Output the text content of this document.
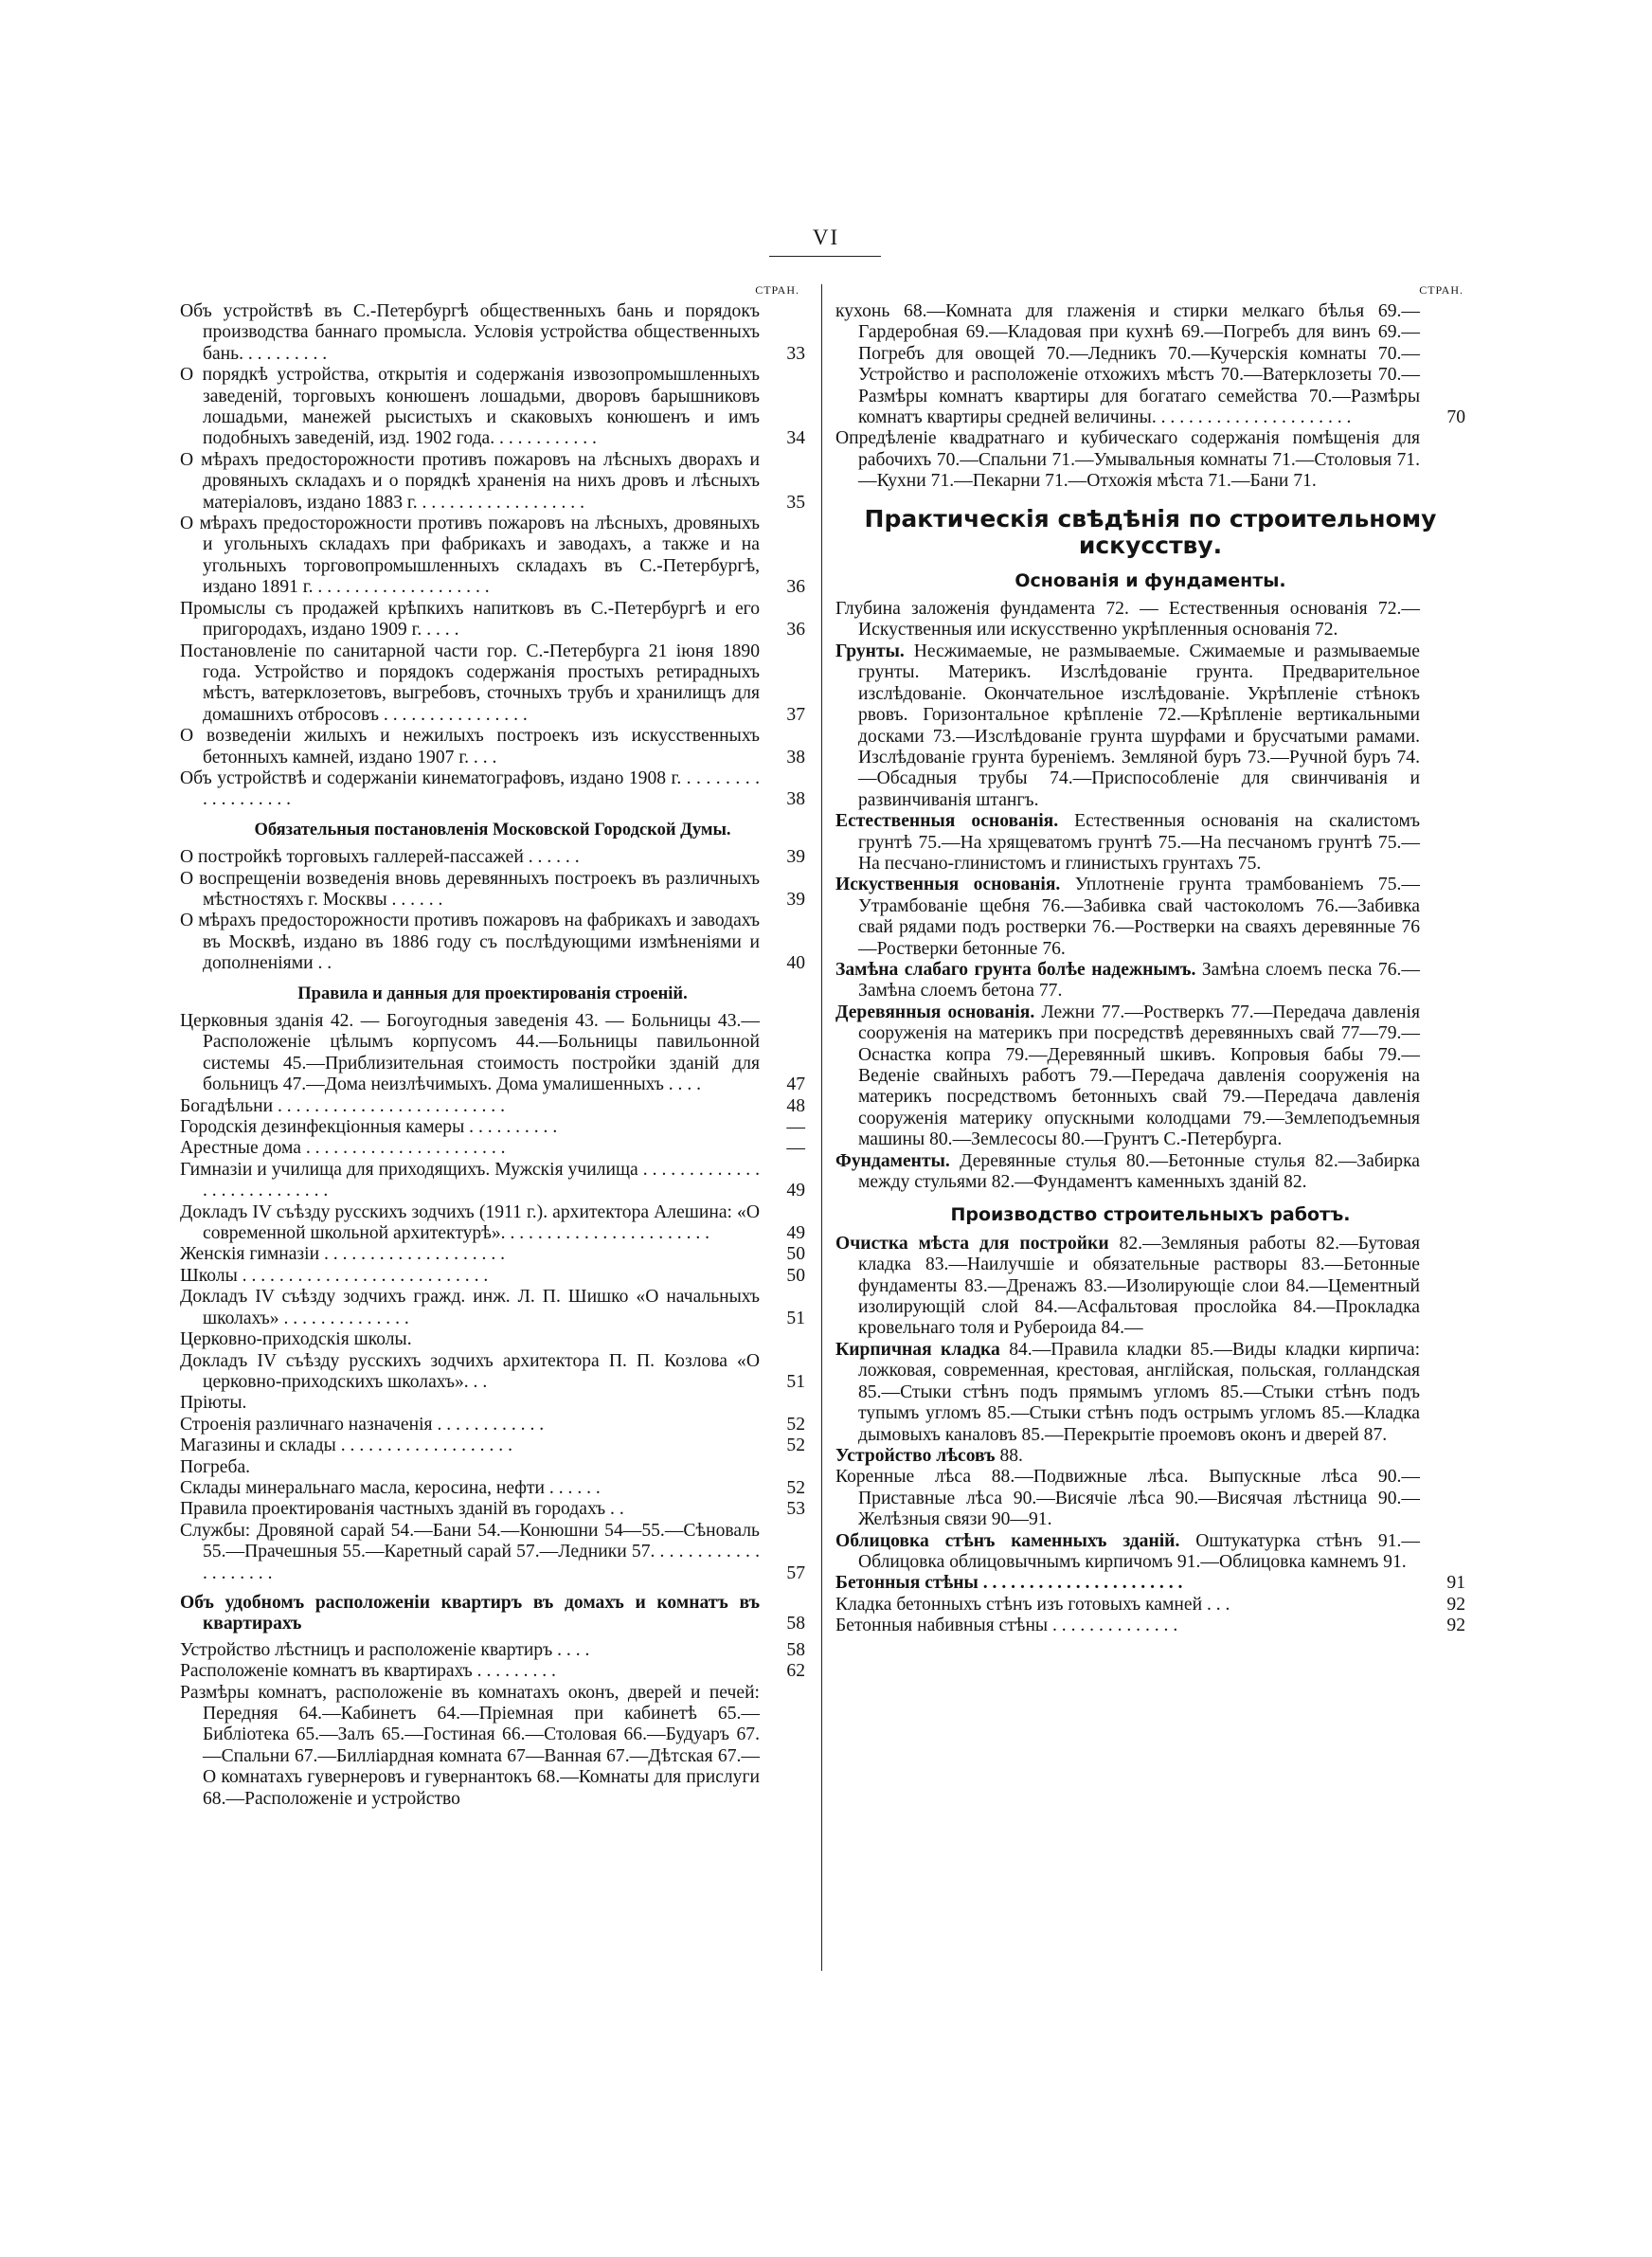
VI
СТРАН.
Объ устройствѣ въ С.-Петербургѣ общественныхъ бань и порядокъ производства баннаго промысла. Условія устройства общественныхъ бань. . . . . . . . . .	33
О порядкѣ устройства, открытія и содержанія извозопромышленныхъ заведеній, торговыхъ конюшенъ лошадьми, дворовъ барышниковъ лошадьми, манежей рысистыхъ и скаковыхъ конюшенъ и имъ подобныхъ заведеній, изд. 1902 года. . . . . . . . . . . .	34
О мѣрахъ предосторожности противъ пожаровъ на лѣсныхъ дворахъ и дровяныхъ складахъ и о порядкѣ храненія на нихъ дровъ и лѣсныхъ матеріаловъ, издано 1883 г. . . . . . . . . . . . . . . . . . .	35
О мѣрахъ предосторожности противъ пожаровъ на лѣсныхъ, дровяныхъ и угольныхъ складахъ при фабрикахъ и заводахъ, а также и на угольныхъ торговопромышленныхъ складахъ въ С.-Петербургѣ, издано 1891 г. . . . . . . . . . . . . . . . . . . .	36
Промыслы съ продажей крѣпкихъ напитковъ въ С.-Петербургѣ и его пригородахъ, издано 1909 г. . . . .	36
Постановленіе по санитарной части гор. С.-Петербурга 21 іюня 1890 года. Устройство и порядокъ содержанія простыхъ ретирадныхъ мѣстъ, ватерклозетовъ, выгребовъ, сточныхъ трубъ и хранилищъ для домашнихъ отбросовъ . . . . . . . . . . . . . . . .	37
О возведеніи жилыхъ и нежилыхъ построекъ изъ искусственныхъ бетонныхъ камней, издано 1907 г. . . .	38
Объ устройствѣ и содержаніи кинематографовъ, издано 1908 г. . . . . . . . . . . . . . . . . . .	38
Обязательныя постановленія Московской Городской Думы.
О постройкѣ торговыхъ галлерей-пассажей . . . . . .	39
О воспрещеніи возведенія вновь деревянныхъ построекъ въ различныхъ мѣстностяхъ г. Москвы . . . . . .	39
О мѣрахъ предосторожности противъ пожаровъ на фабрикахъ и заводахъ въ Москвѣ, издано въ 1886 году съ послѣдующими измѣненіями и дополненіями . .	40
Правила и данныя для проектированія строеній.
Церковныя зданія 42. — Богоугодныя заведенія 43. — Больницы 43.—Расположеніе цѣлымъ корпусомъ 44.—Больницы павильонной системы 45.—Приблизительная стоимость постройки зданій для больницъ 47.—Дома неизлѣчимыхъ. Дома умалишенныхъ . . . .	47
Богадѣльни . . . . . . . . . . . . . . . . . . . . . . . . .	48
Городскія дезинфекціонныя камеры . . . . . . . . . .	—
Арестные дома . . . . . . . . . . . . . . . . . . . . . .	—
Гимназіи и училища для приходящихъ. Мужскія училища . . . . . . . . . . . . . . . . . . . . . . . . . . .	49
Докладъ IV съѣзду русскихъ зодчихъ (1911 г.). архитектора Алешина: «О современной школьной архитектурѣ». . . . . . . . . . . . . . . . . . . . . . .	49
Женскія гимназіи . . . . . . . . . . . . . . . . . . . .	50
Школы . . . . . . . . . . . . . . . . . . . . . . . . . . .	50
Докладъ IV съѣзду зодчихъ гражд. инж. Л. П. Шишко «О начальныхъ школахъ» . . . . . . . . . . . . . .	51
Церковно-приходскія школы.
Докладъ IV съѣзду русскихъ зодчихъ архитектора П. П. Козлова «О церковно-приходскихъ школахъ». . .	51
Пріюты.
Строенія различнаго назначенія . . . . . . . . . . . .	52
Магазины и склады . . . . . . . . . . . . . . . . . . .	52
Погреба.
Склады минеральнаго масла, керосина, нефти . . . . . .	52
Правила проектированія частныхъ зданій въ городахъ . .	53
Службы: Дровяной сарай 54.—Бани 54.—Конюшни 54—55.—Сѣноваль 55.—Прачешныя 55.—Каретный сарай 57.—Ледники 57. . . . . . . . . . . . . . . . . . . .	57
Объ удобномъ расположеніи квартиръ въ домахъ и комнатъ въ квартирахъ	58
Устройство лѣстницъ и расположеніе квартиръ . . . .	58
Расположеніе комнатъ въ квартирахъ . . . . . . . . .	62
Размѣры комнатъ, расположеніе въ комнатахъ оконъ, дверей и печей: Передняя 64.—Кабинетъ 64.—Пріемная при кабинетѣ 65.—Библіотека 65.—Залъ 65.—Гостиная 66.—Столовая 66.—Будуаръ 67.—Спальни 67.—Билліардная комната 67—Ванная 67.—Дѣтская 67.—О комнатахъ гувернеровъ и гувернантокъ 68.—Комнаты для прислуги 68.—Расположеніе и устройство
СТРАН.
кухонь 68.—Комната для глаженія и стирки мелкаго бѣлья 69.—Гардеробная 69.—Кладовая при кухнѣ 69.—Погребъ для винъ 69.—Погребъ для овощей 70.—Ледникъ 70.—Кучерскія комнаты 70.—Устройство и расположеніе отхожихъ мѣстъ 70.—Ватерклозеты 70.—Размѣры комнатъ квартиры для богатаго семейства 70.—Размѣры комнатъ квартиры средней величины. . . . . . . . . . . . . . . . . . . . . .	70
Опредѣленіе квадратнаго и кубическаго содержанія помѣщенія для рабочихъ 70.—Спальни 71.—Умывальныя комнаты 71.—Столовыя 71.—Кухни 71.—Пекарни 71.—Отхожія мѣста 71.—Бани 71.
Практическія свѣдѣнія по строительному искусству.
Основанія и фундаменты.
Глубина заложенія фундамента 72. — Естественныя основанія 72.—Искуственныя или искусственно укрѣпленныя основанія 72.
Грунты. Несжимаемые, не размываемые. Сжимаемые и размываемые грунты. Материкъ. Изслѣдованіе грунта. Предварительное изслѣдованіе. Окончательное изслѣдованіе. Укрѣпленіе стѣнокъ рвовъ. Горизонтальное крѣпленіе 72.—Крѣпленіе вертикальными досками 73.—Изслѣдованіе грунта шурфами и брусчатыми рамами. Изслѣдованіе грунта буреніемъ. Земляной буръ 73.—Ручной буръ 74.—Обсадныя трубы 74.—Приспособленіе для свинчиванія и развинчиванія штангъ.
Естественныя основанія. Естественныя основанія на скалистомъ грунтѣ 75.—На хрящеватомъ грунтѣ 75.—На песчаномъ грунтѣ 75.—На песчано-глинистомъ и глинистыхъ грунтахъ 75.
Искуственныя основанія. Уплотненіе грунта трамбованіемъ 75.—Утрамбованіе щебня 76.—Забивка свай частоколомъ 76.—Забивка свай рядами подъ ростверки 76.—Ростверки на сваяхъ деревянные 76—Ростверки бетонные 76.
Замѣна слабаго грунта болѣе надежнымъ. Замѣна слоемъ песка 76.—Замѣна слоемъ бетона 77.
Деревянныя основанія. Лежни 77.—Ростверкъ 77.—Передача давленія сооруженія на материкъ при посредствѣ деревянныхъ свай 77—79.—Оснастка копра 79.—Деревянный шкивъ. Копровыя бабы 79.—Веденіе свайныхъ работъ 79.—Передача давленія сооруженія на материкъ посредствомъ бетонныхъ свай 79.—Передача давленія сооруженія материку опускными колодцами 79.—Землеподъемныя машины 80.—Землесосы 80.—Грунтъ С.-Петербурга.
Фундаменты. Деревянные стулья 80.—Бетонные стулья 82.—Забирка между стульями 82.—Фундаментъ каменныхъ зданій 82.
Производство строительныхъ работъ.
Очистка мѣста для постройки 82.—Земляныя работы 82.—Бутовая кладка 83.—Наилучшіе и обязательные растворы 83.—Бетонные фундаменты 83.—Дренажъ 83.—Изолирующіе слои 84.—Цементный изолирующій слой 84.—Асфальтовая прослойка 84.—Прокладка кровельнаго толя и Рубероида 84.—
Кирпичная кладка 84.—Правила кладки 85.—Виды кладки кирпича: ложковая, современная, крестовая, англійская, польская, голландская 85.—Стыки стѣнъ подъ прямымъ угломъ 85.—Стыки стѣнъ подъ тупымъ угломъ 85.—Стыки стѣнъ подъ острымъ угломъ 85.—Кладка дымовыхъ каналовъ 85.—Перекрытіе проемовъ оконъ и дверей 87.
Устройство лѣсовъ 88.
Коренные лѣса 88.—Подвижные лѣса. Выпускные лѣса 90.—Приставные лѣса 90.—Висячіе лѣса 90.—Висячая лѣстница 90.—Желѣзныя связи 90—91.
Облицовка стѣнъ каменныхъ зданій. Оштукатурка стѣнъ 91.—Облицовка облицовычнымъ кирпичомъ 91.—Облицовка камнемъ 91.
Бетонныя стѣны . . . . . . . . . . . . . . . . . . . . . .	91
Кладка бетонныхъ стѣнъ изъ готовыхъ камней . . .	92
Бетонныя набивныя стѣны . . . . . . . . . . . . . .	92
